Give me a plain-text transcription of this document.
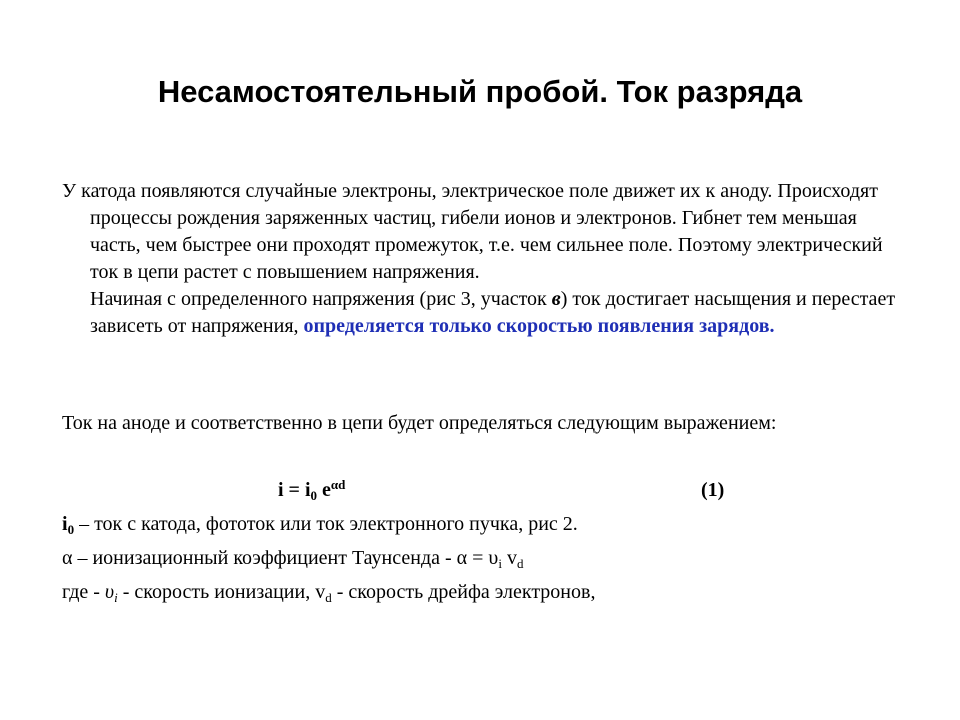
Несамостоятельный пробой. Ток разряда

У катода появляются случайные электроны, электрическое поле движет их к аноду. Происходят процессы рождения заряженных частиц, гибели ионов и электронов. Гибнет тем меньшая часть, чем быстрее они проходят промежуток, т.е. чем сильнее поле. Поэтому электрический ток в цепи растет с повышением напряжения.

Начиная с определенного напряжения (рис 3, участок в) ток достигает насыщения и перестает зависеть от напряжения, определяется только скоростью появления зарядов.

Ток на аноде и соответственно в цепи будет определяться следующим выражением:

$i = i_0$ $e^{\alpha d}$	(1)
$i_0$ – ток с катода, фототок или ток электронного пучка, рис 2.
α – ионизационный коэффициент Таунсенда - $\alpha = \upsilon_i$ $v_d$
где - $\upsilon_i$ - скорость ионизации, $v_d$ - скорость дрейфа электронов,
